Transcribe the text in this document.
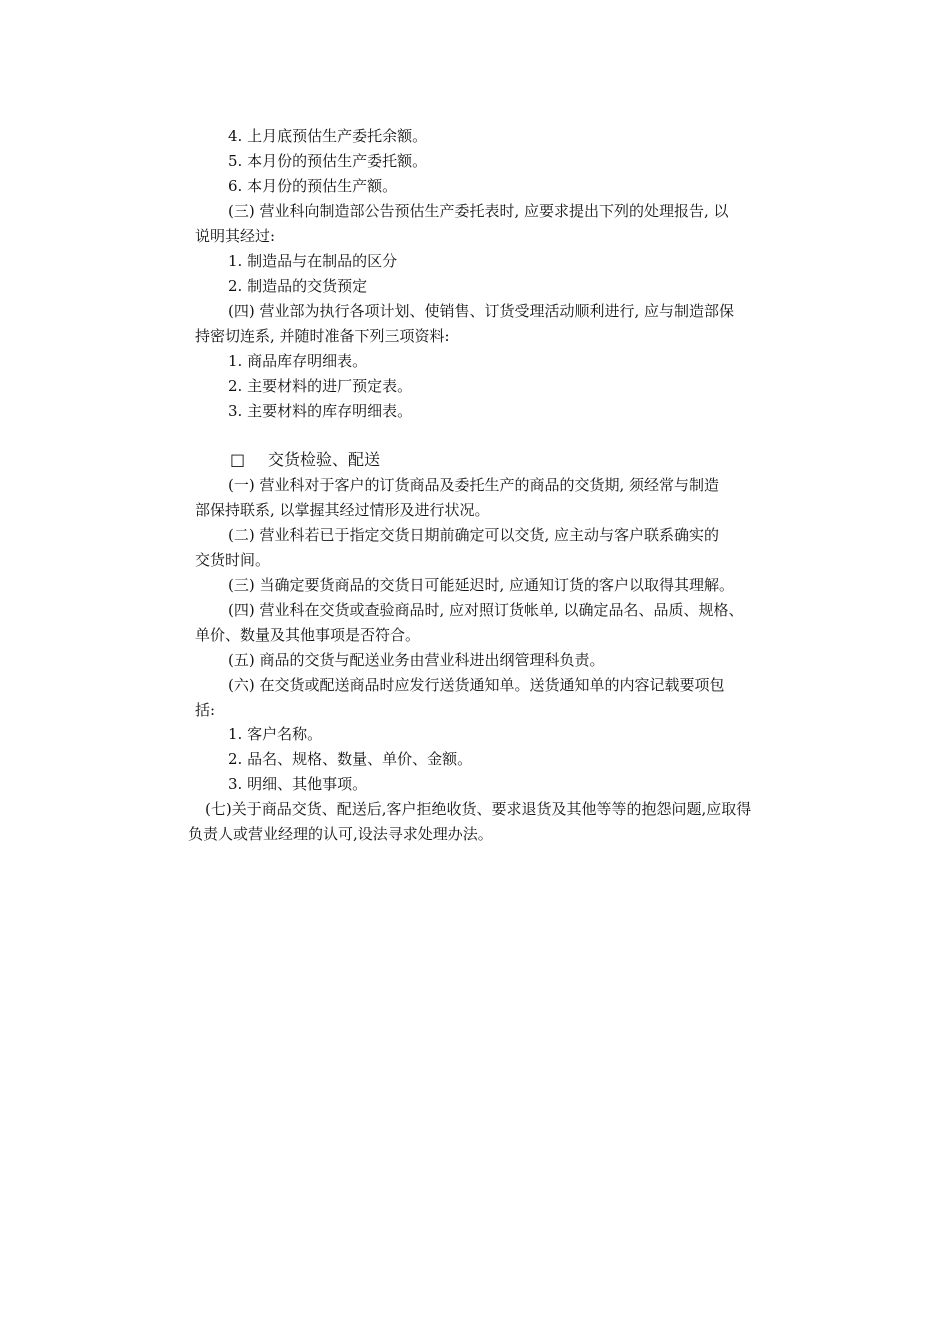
4. 上月底预估生产委托余额。
5. 本月份的预估生产委托额。
6. 本月份的预估生产额。
(三) 营业科向制造部公告预估生产委托表时, 应要求提出下列的处理报告, 以
说明其经过:
1. 制造品与在制品的区分
2. 制造品的交货预定
(四) 营业部为执行各项计划、使销售、订货受理活动顺利进行, 应与制造部保
持密切连系, 并随时准备下列三项资料:
1. 商品库存明细表。
2. 主要材料的进厂预定表。
3. 主要材料的库存明细表。
□ 交货检验、配送
(一) 营业科对于客户的订货商品及委托生产的商品的交货期, 须经常与制造
部保持联系, 以掌握其经过情形及进行状况。
(二) 营业科若已于指定交货日期前确定可以交货, 应主动与客户联系确实的
交货时间。
(三) 当确定要货商品的交货日可能延迟时, 应通知订货的客户以取得其理解。
(四) 营业科在交货或查验商品时, 应对照订货帐单, 以确定品名、品质、规格、
单价、数量及其他事项是否符合。
(五) 商品的交货与配送业务由营业科进出纲管理科负责。
(六) 在交货或配送商品时应发行送货通知单。送货通知单的内容记载要项包
括:
1. 客户名称。
2. 品名、规格、数量、单价、金额。
3. 明细、其他事项。
(七)关于商品交货、配送后,客户拒绝收货、要求退货及其他等等的抱怨问题,应取得
负责人或营业经理的认可,设法寻求处理办法。
